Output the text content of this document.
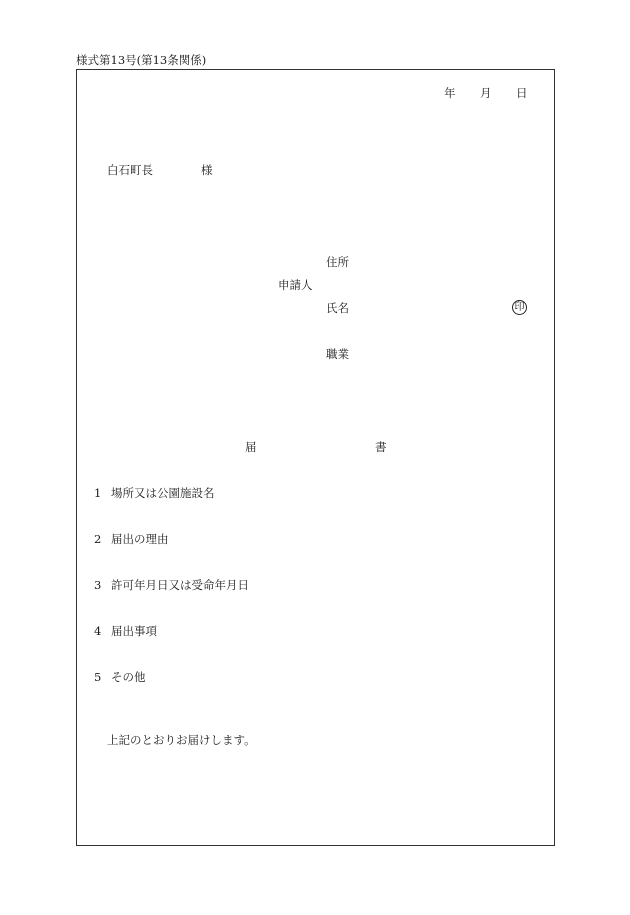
様式第13号(第13条関係)
年 月 日
白石町長	様
住所
申請人
氏名	印
職業
届	書
1 場所又は公園施設名
2 届出の理由
3 許可年月日又は受命年月日
4 届出事項
5 その他
上記のとおりお届けします。
